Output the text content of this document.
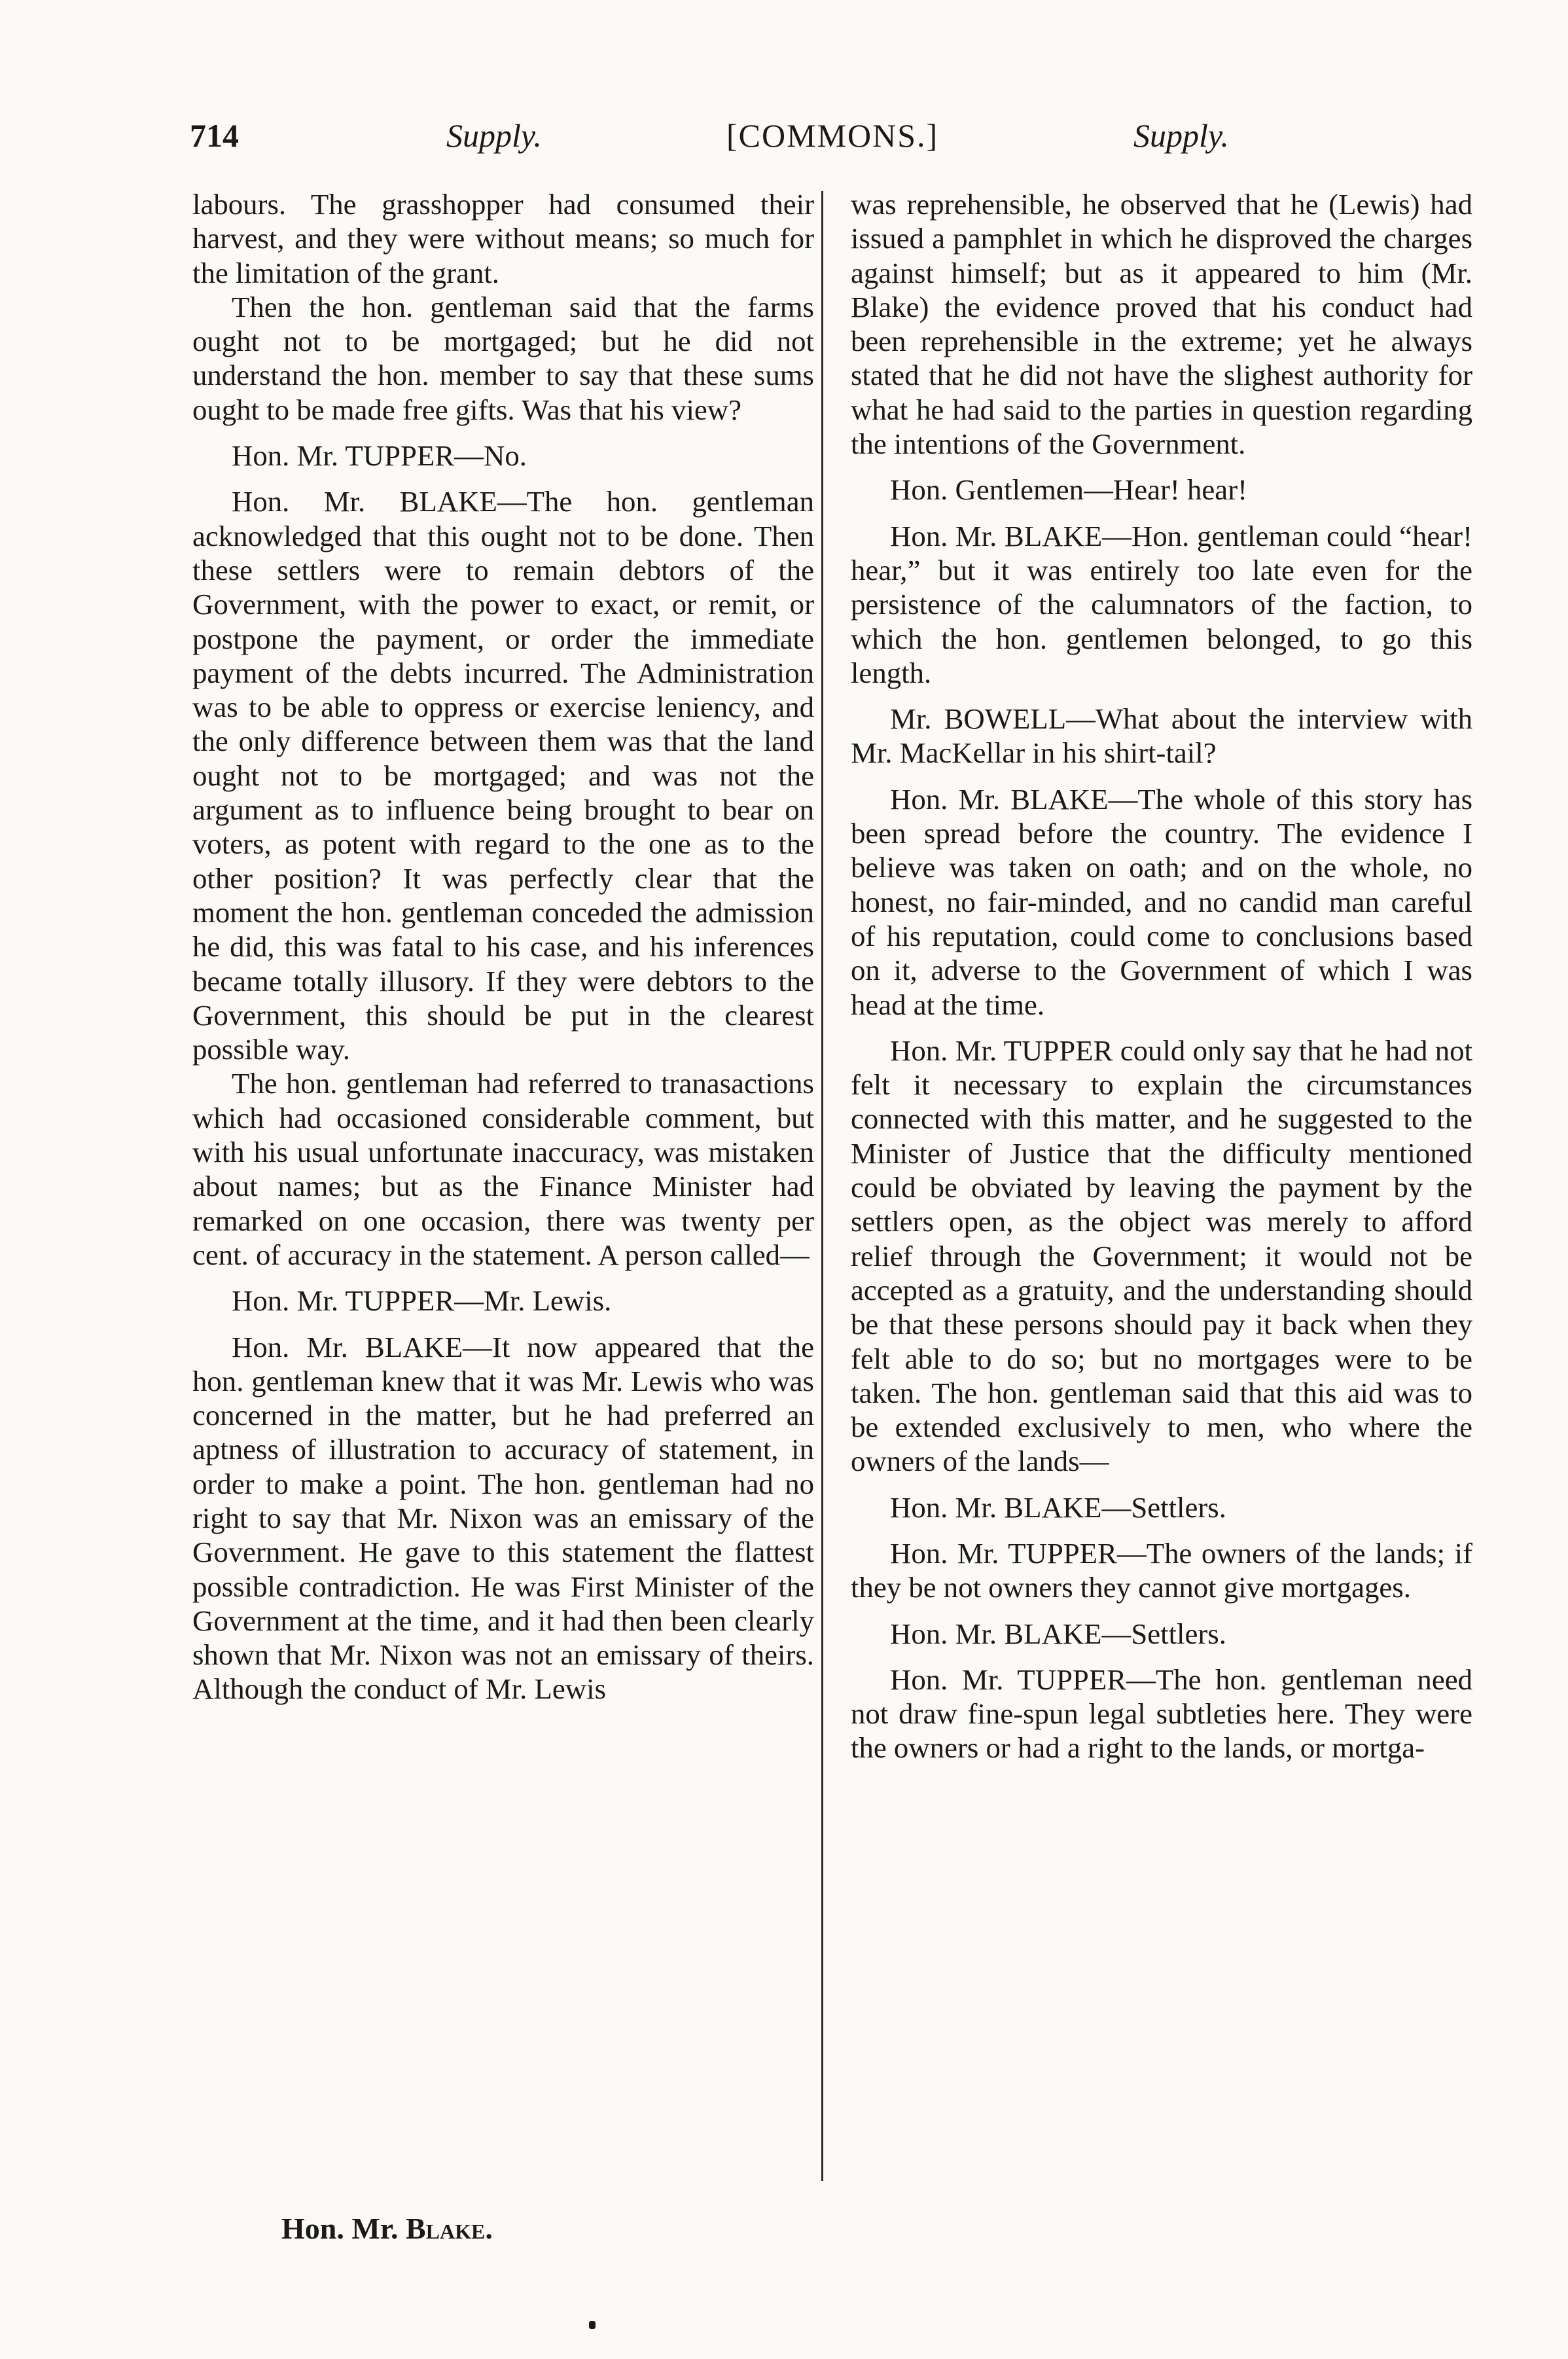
714	Supply.	[COMMONS.]	Supply.

labours. The grasshopper had consumed their harvest, and they were without means; so much for the limitation of the grant.

Then the hon. gentleman said that the farms ought not to be mortgaged; but he did not understand the hon. member to say that these sums ought to be made free gifts. Was that his view?

Hon. Mr. TUPPER—No.

Hon. Mr. BLAKE—The hon. gentleman acknowledged that this ought not to be done. Then these settlers were to remain debtors of the Government, with the power to exact, or remit, or postpone the payment, or order the immediate payment of the debts incurred. The Administration was to be able to oppress or exercise leniency, and the only difference between them was that the land ought not to be mortgaged; and was not the argument as to influence being brought to bear on voters, as potent with regard to the one as to the other position? It was perfectly clear that the moment the hon. gentleman conceded the admission he did, this was fatal to his case, and his inferences became totally illusory. If they were debtors to the Government, this should be put in the clearest possible way.

The hon. gentleman had referred to tranasactions which had occasioned considerable comment, but with his usual unfortunate inaccuracy, was mistaken about names; but as the Finance Minister had remarked on one occasion, there was twenty per cent. of accuracy in the statement. A person called—

Hon. Mr. TUPPER—Mr. Lewis.

Hon. Mr. BLAKE—It now appeared that the hon. gentleman knew that it was Mr. Lewis who was concerned in the matter, but he had preferred an aptness of illustration to accuracy of statement, in order to make a point. The hon. gentleman had no right to say that Mr. Nixon was an emissary of the Government. He gave to this statement the flattest possible contradiction. He was First Minister of the Government at the time, and it had then been clearly shown that Mr. Nixon was not an emissary of theirs. Although the conduct of Mr. Lewis

was reprehensible, he observed that he (Lewis) had issued a pamphlet in which he disproved the charges against himself; but as it appeared to him (Mr. Blake) the evidence proved that his conduct had been reprehensible in the extreme; yet he always stated that he did not have the slighest authority for what he had said to the parties in question regarding the intentions of the Government.

Hon. Gentlemen—Hear! hear!

Hon. Mr. BLAKE—Hon. gentleman could “hear! hear,” but it was entirely too late even for the persistence of the calumnators of the faction, to which the hon. gentlemen belonged, to go this length.

Mr. BOWELL—What about the interview with Mr. MacKellar in his shirt-tail?

Hon. Mr. BLAKE—The whole of this story has been spread before the country. The evidence I believe was taken on oath; and on the whole, no honest, no fair-minded, and no candid man careful of his reputation, could come to conclusions based on it, adverse to the Government of which I was head at the time.

Hon. Mr. TUPPER could only say that he had not felt it necessary to explain the circumstances connected with this matter, and he suggested to the Minister of Justice that the difficulty mentioned could be obviated by leaving the payment by the settlers open, as the object was merely to afford relief through the Government; it would not be accepted as a gratuity, and the understanding should be that these persons should pay it back when they felt able to do so; but no mortgages were to be taken. The hon. gentleman said that this aid was to be extended exclusively to men, who where the owners of the lands—

Hon. Mr. BLAKE—Settlers.

Hon. Mr. TUPPER—The owners of the lands; if they be not owners they cannot give mortgages.

Hon. Mr. BLAKE—Settlers.

Hon. Mr. TUPPER—The hon. gentleman need not draw fine-spun legal subtleties here. They were the owners or had a right to the lands, or mortga-

Hon. Mr. Blake.
